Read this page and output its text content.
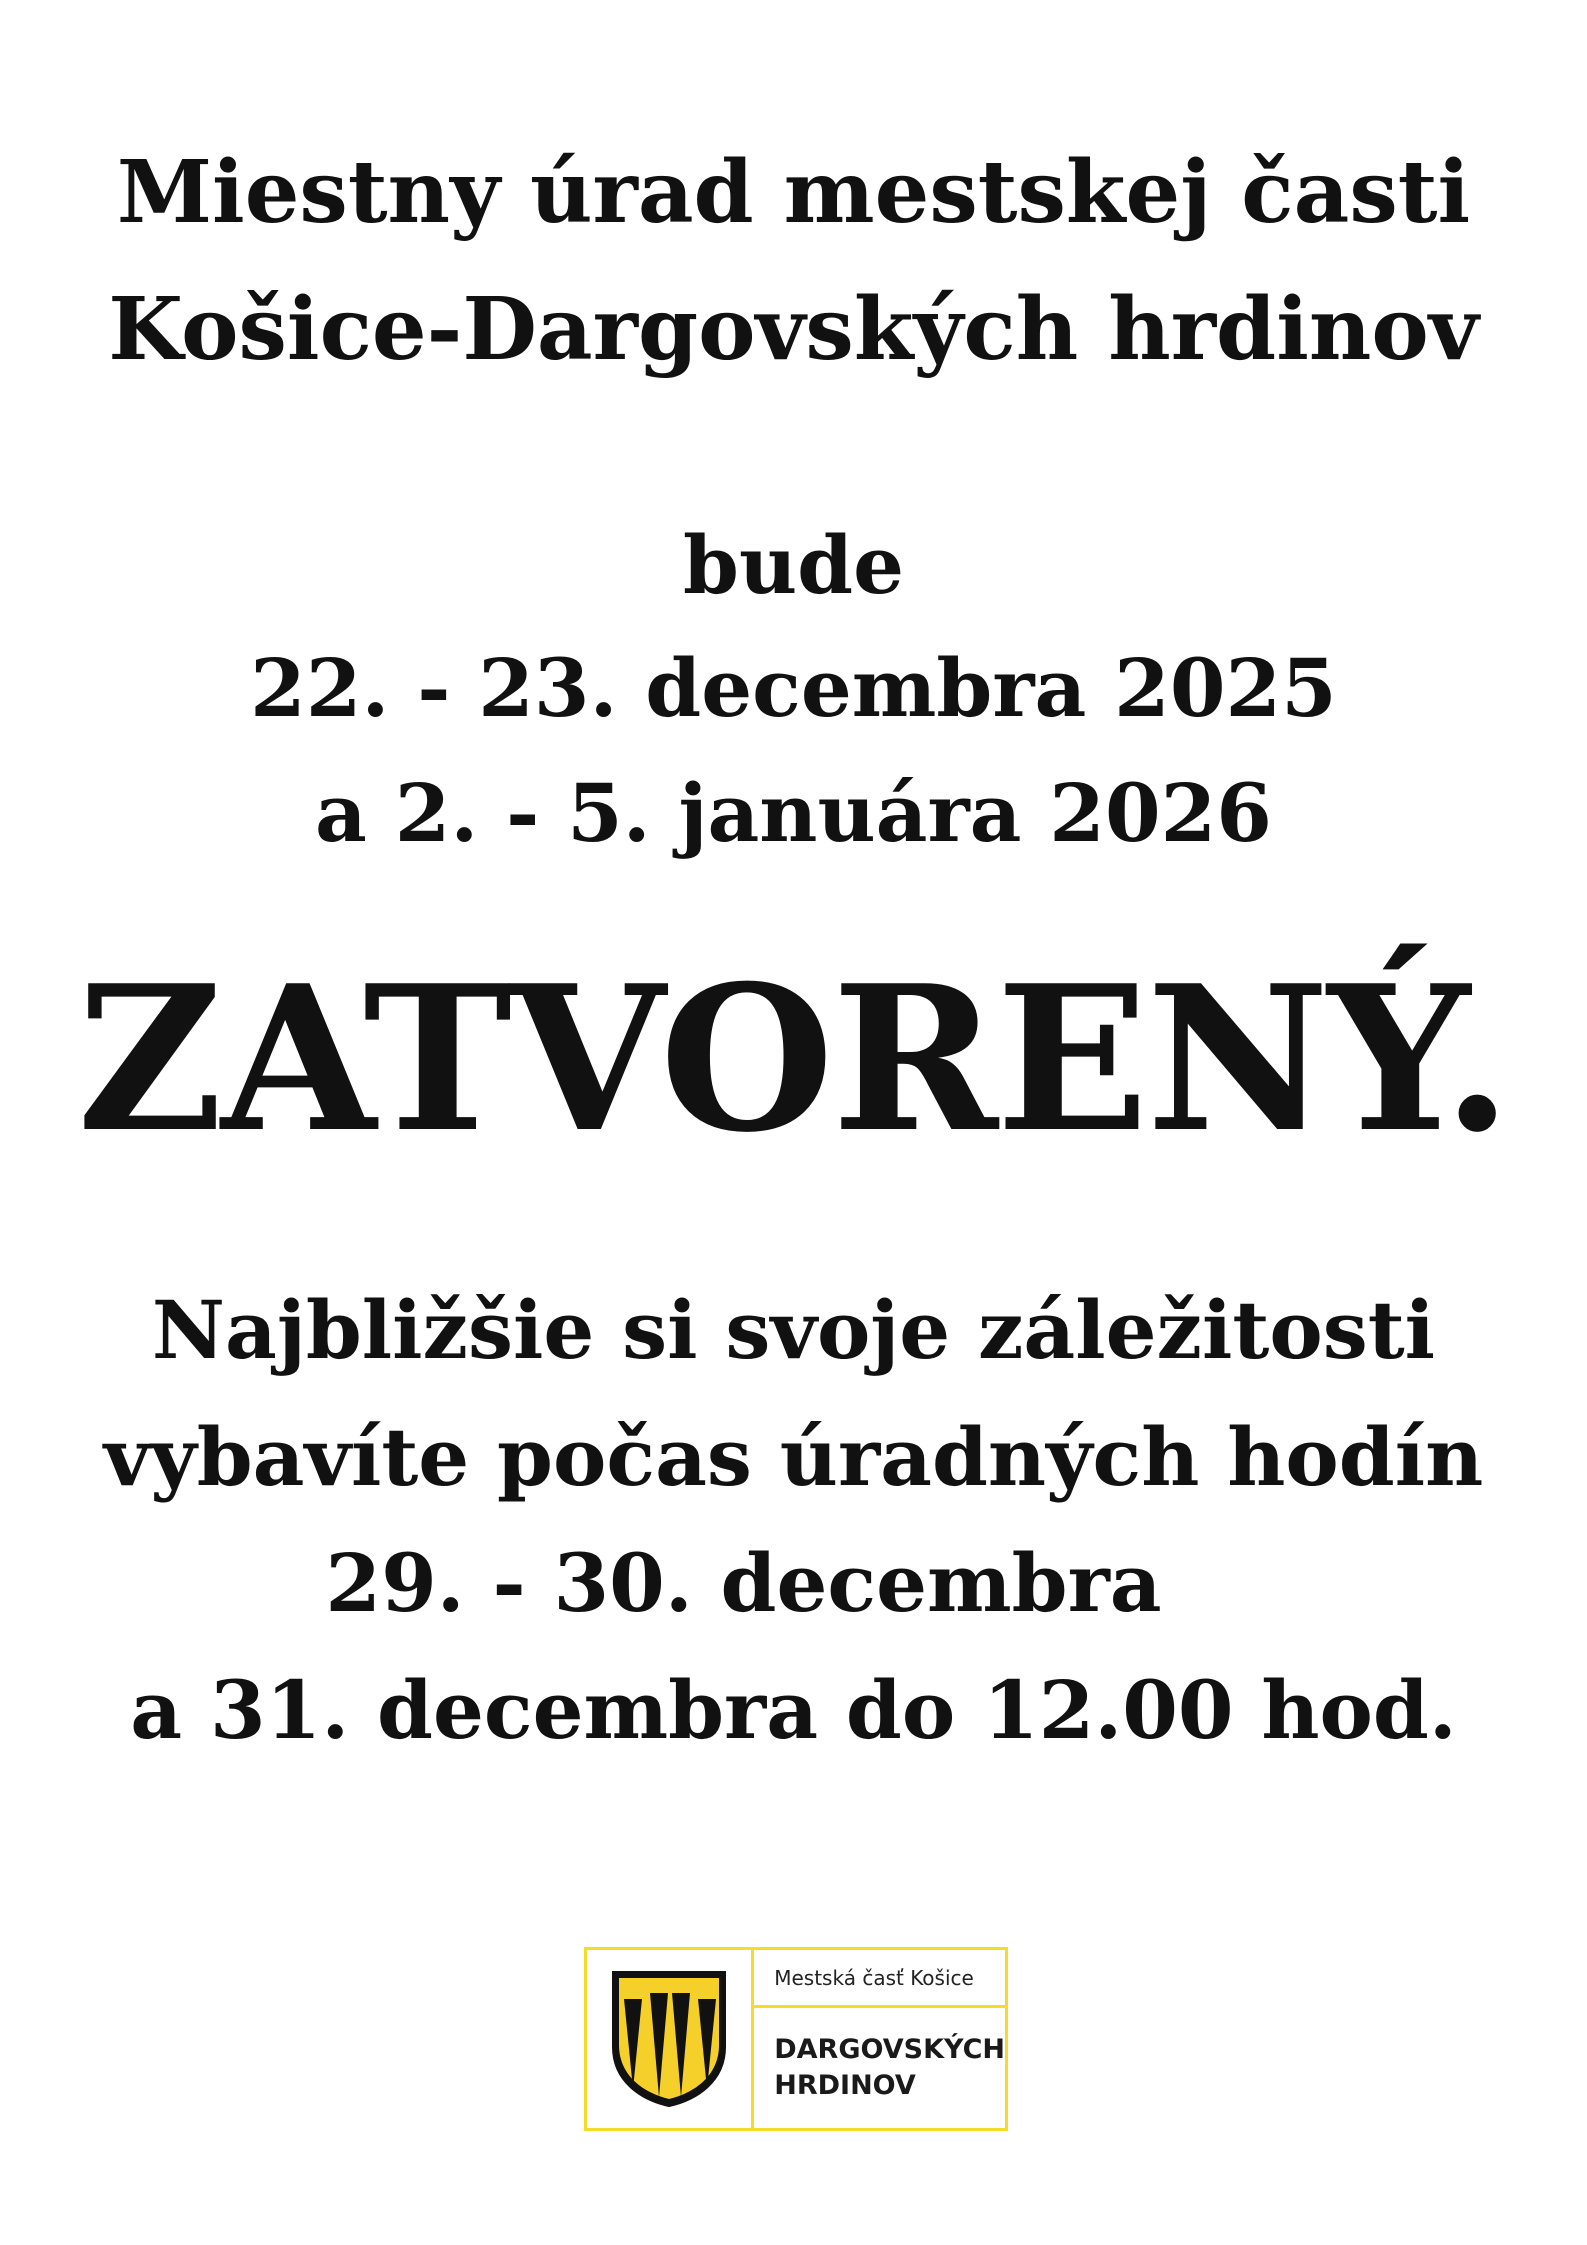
Miestny úrad mestskej časti
Košice-Dargovských hrdinov
bude
22. - 23. decembra 2025
a 2. - 5. januára 2026
ZATVORENÝ.
Najbližšie si svoje záležitosti
vybavíte počas úradných hodín
29. - 30. decembra
a 31. decembra do 12.00 hod.
Mestská časť Košice
DARGOVSKÝCH
HRDINOV
